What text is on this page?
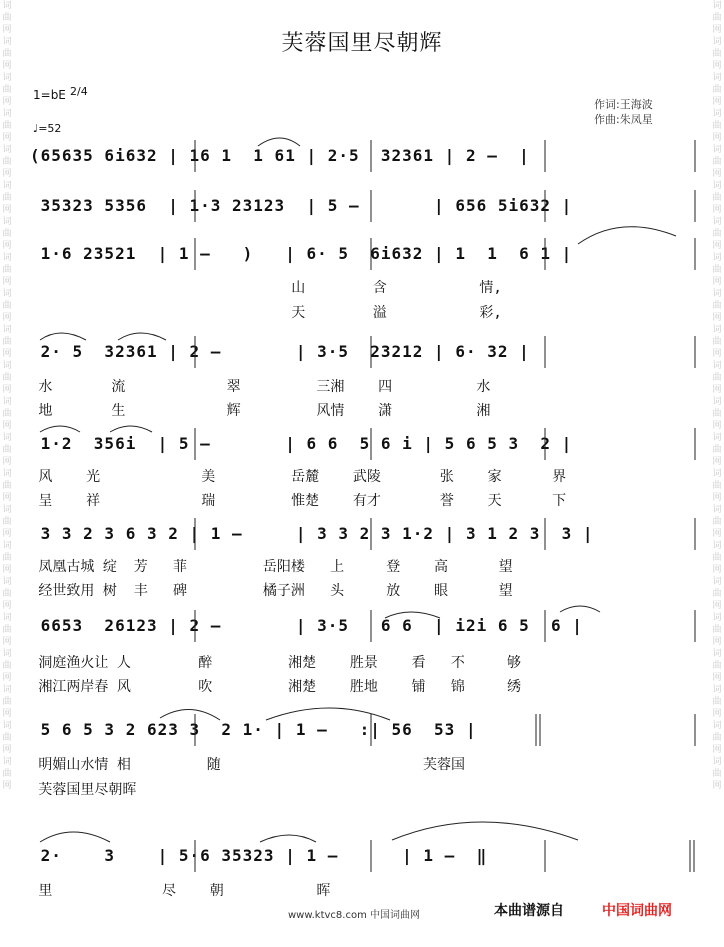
词曲网词曲网词曲网词曲网词曲网词曲网词曲网词曲网词曲网词曲网词曲网词曲网词曲网词曲网词曲网词曲网词曲网词曲网词曲网词曲网词曲网词曲网
词曲网词曲网词曲网词曲网词曲网词曲网词曲网词曲网词曲网词曲网词曲网词曲网词曲网词曲网词曲网词曲网词曲网词曲网词曲网词曲网词曲网词曲网
芙蓉国里尽朝辉
1=bE 2/4
♩=52
作词:王海波
作曲:朱凤星
(65635 6i632 | 16 1  1 61 | 2·5  32361 | 2 –  |
35323 5356  | 1·3 23123  | 5 –       | 656 5i632 |
1·6 23521  | 1 –   )   | 6· 5  6i632 | 1  1  6 1 |
山        含           情,
天        溢           彩,
2· 5  32361 | 2 –       | 3·5  23212 | 6· 32 |
水       流            翠         三湘    四          水
地       生            辉         风情    潇          湘
1·2  356i  | 5 –       | 6 6  5 6 i | 5 6 5 3  2 |
风    光            美         岳麓    武陵       张    家      界
呈    祥            瑞         惟楚    有才       誉    天      下
3 3 2 3 6 3 2 | 1 –     | 3 3 2 3 1·2 | 3 1 2 3  3 |
凤凰古城 绽  芳   菲         岳阳楼   上     登    高      望
经世致用 树  丰   碑         橘子洲   头     放    眼      望
6653  26123 | 2 –       | 3·5   6 6  | i2i 6 5  6 |
洞庭渔火让 人        醉         湘楚    胜景    看   不     够
湘江两岸春 风        吹         湘楚    胜地    铺   锦     绣
5 6 5 3 2 623 3  2 1· | 1 –   :| 56  53 |
明媚山水情 相         随                        芙蓉国
芙蓉国里尽朝晖
2·    3    | 5·6 35323 | 1 –      | 1 –  ‖
里             尽    朝           晖
www.ktvc8.com 中国词曲网	本曲谱源自	中国词曲网
